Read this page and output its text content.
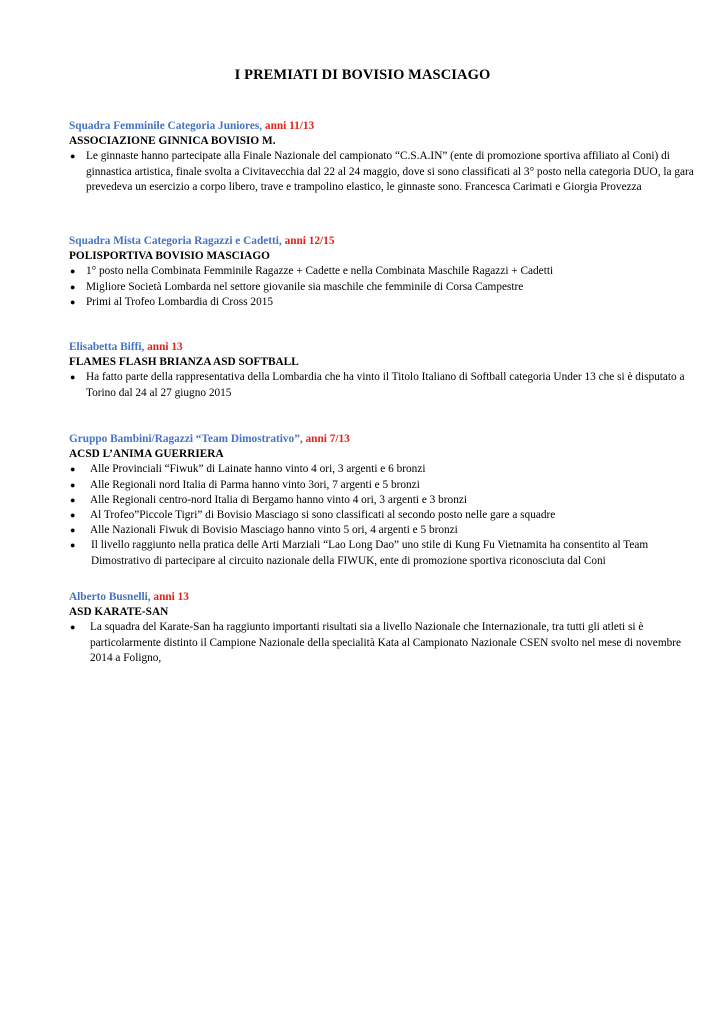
I PREMIATI DI BOVISIO MASCIAGO
Squadra Femminile Categoria Juniores, anni 11/13
ASSOCIAZIONE GINNICA BOVISIO M.
● Le ginnaste hanno partecipate alla Finale Nazionale del campionato “C.S.A.IN” (ente di promozione sportiva affiliato al Coni) di ginnastica artistica, finale svolta a Civitavecchia dal 22 al 24 maggio, dove si sono classificati al 3° posto nella categoria DUO, la gara prevedeva un esercizio a corpo libero, trave e trampolino elastico, le ginnaste sono. Francesca Carimati e Giorgia Provezza
Squadra Mista Categoria Ragazzi e Cadetti, anni 12/15
POLISPORTIVA BOVISIO MASCIAGO
● 1° posto nella Combinata Femminile Ragazze + Cadette e nella Combinata Maschile Ragazzi + Cadetti
● Migliore Società Lombarda nel settore giovanile sia maschile che femminile di Corsa Campestre
● Primi al Trofeo Lombardia di Cross 2015
Elisabetta Biffi, anni 13
FLAMES FLASH BRIANZA ASD SOFTBALL
● Ha fatto parte della rappresentativa della Lombardia che ha vinto il Titolo Italiano di Softball categoria Under 13 che si è disputato a Torino dal 24 al 27 giugno 2015
Gruppo Bambini/Ragazzi “Team Dimostrativo”, anni 7/13
ACSD L’ANIMA GUERRIERA
● Alle Provinciali “Fiwuk” di Lainate hanno vinto 4 ori, 3 argenti e 6 bronzi
● Alle Regionali nord Italia di Parma hanno vinto 3ori, 7 argenti e 5 bronzi
● Alle Regionali centro-nord Italia di Bergamo hanno vinto 4 ori, 3 argenti e 3 bronzi
● Al Trofeo”Piccole Tigri” di Bovisio Masciago si sono classificati al secondo posto nelle gare a squadre
● Alle Nazionali Fiwuk di Bovisio Masciago hanno vinto 5 ori, 4 argenti e 5 bronzi
● Il livello raggiunto nella pratica delle Arti Marziali “Lao Long Dao” uno stile di Kung Fu Vietnamita ha consentito al Team Dimostrativo di partecipare al circuito nazionale della FIWUK, ente di promozione sportiva riconosciuta dal Coni
Alberto Busnelli, anni 13
ASD KARATE-SAN
● La squadra del Karate-San ha raggiunto importanti risultati sia a livello Nazionale che Internazionale, tra tutti gli atleti si è particolarmente distinto il Campione Nazionale della specialità Kata al Campionato Nazionale CSEN svolto nel mese di novembre 2014 a Foligno,
